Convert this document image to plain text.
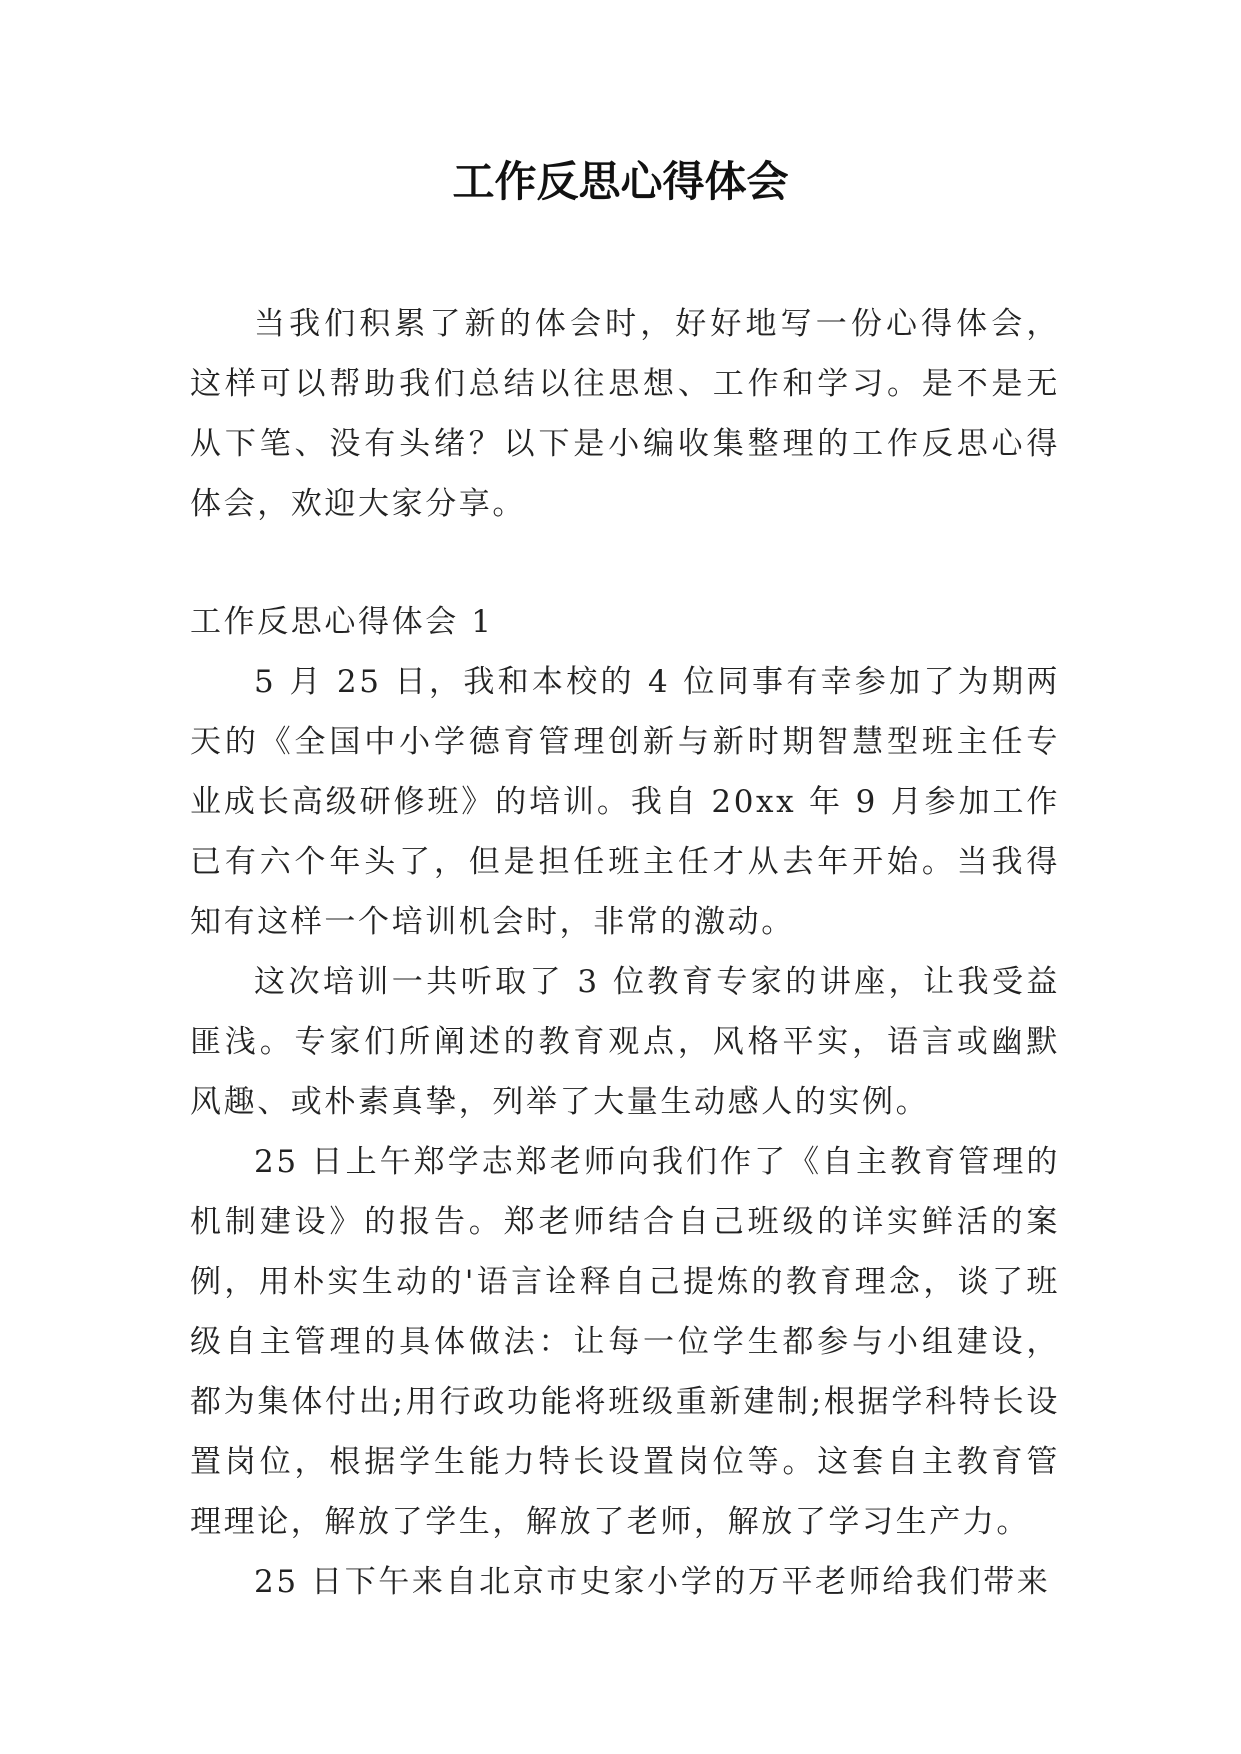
工作反思心得体会

当我们积累了新的体会时，好好地写一份心得体会，这样可以帮助我们总结以往思想、工作和学习。是不是无从下笔、没有头绪？以下是小编收集整理的工作反思心得体会，欢迎大家分享。

工作反思心得体会 1

5 月 25 日，我和本校的 4 位同事有幸参加了为期两天的《全国中小学德育管理创新与新时期智慧型班主任专业成长高级研修班》的培训。我自 20xx 年 9 月参加工作已有六个年头了，但是担任班主任才从去年开始。当我得知有这样一个培训机会时，非常的激动。

这次培训一共听取了 3 位教育专家的讲座，让我受益匪浅。专家们所阐述的教育观点，风格平实，语言或幽默风趣、或朴素真挚，列举了大量生动感人的实例。

25 日上午郑学志郑老师向我们作了《自主教育管理的机制建设》的报告。郑老师结合自己班级的详实鲜活的案例，用朴实生动的'语言诠释自己提炼的教育理念，谈了班级自主管理的具体做法：让每一位学生都参与小组建设，都为集体付出;用行政功能将班级重新建制;根据学科特长设置岗位，根据学生能力特长设置岗位等。这套自主教育管理理论，解放了学生，解放了老师，解放了学习生产力。

25 日下午来自北京市史家小学的万平老师给我们带来
